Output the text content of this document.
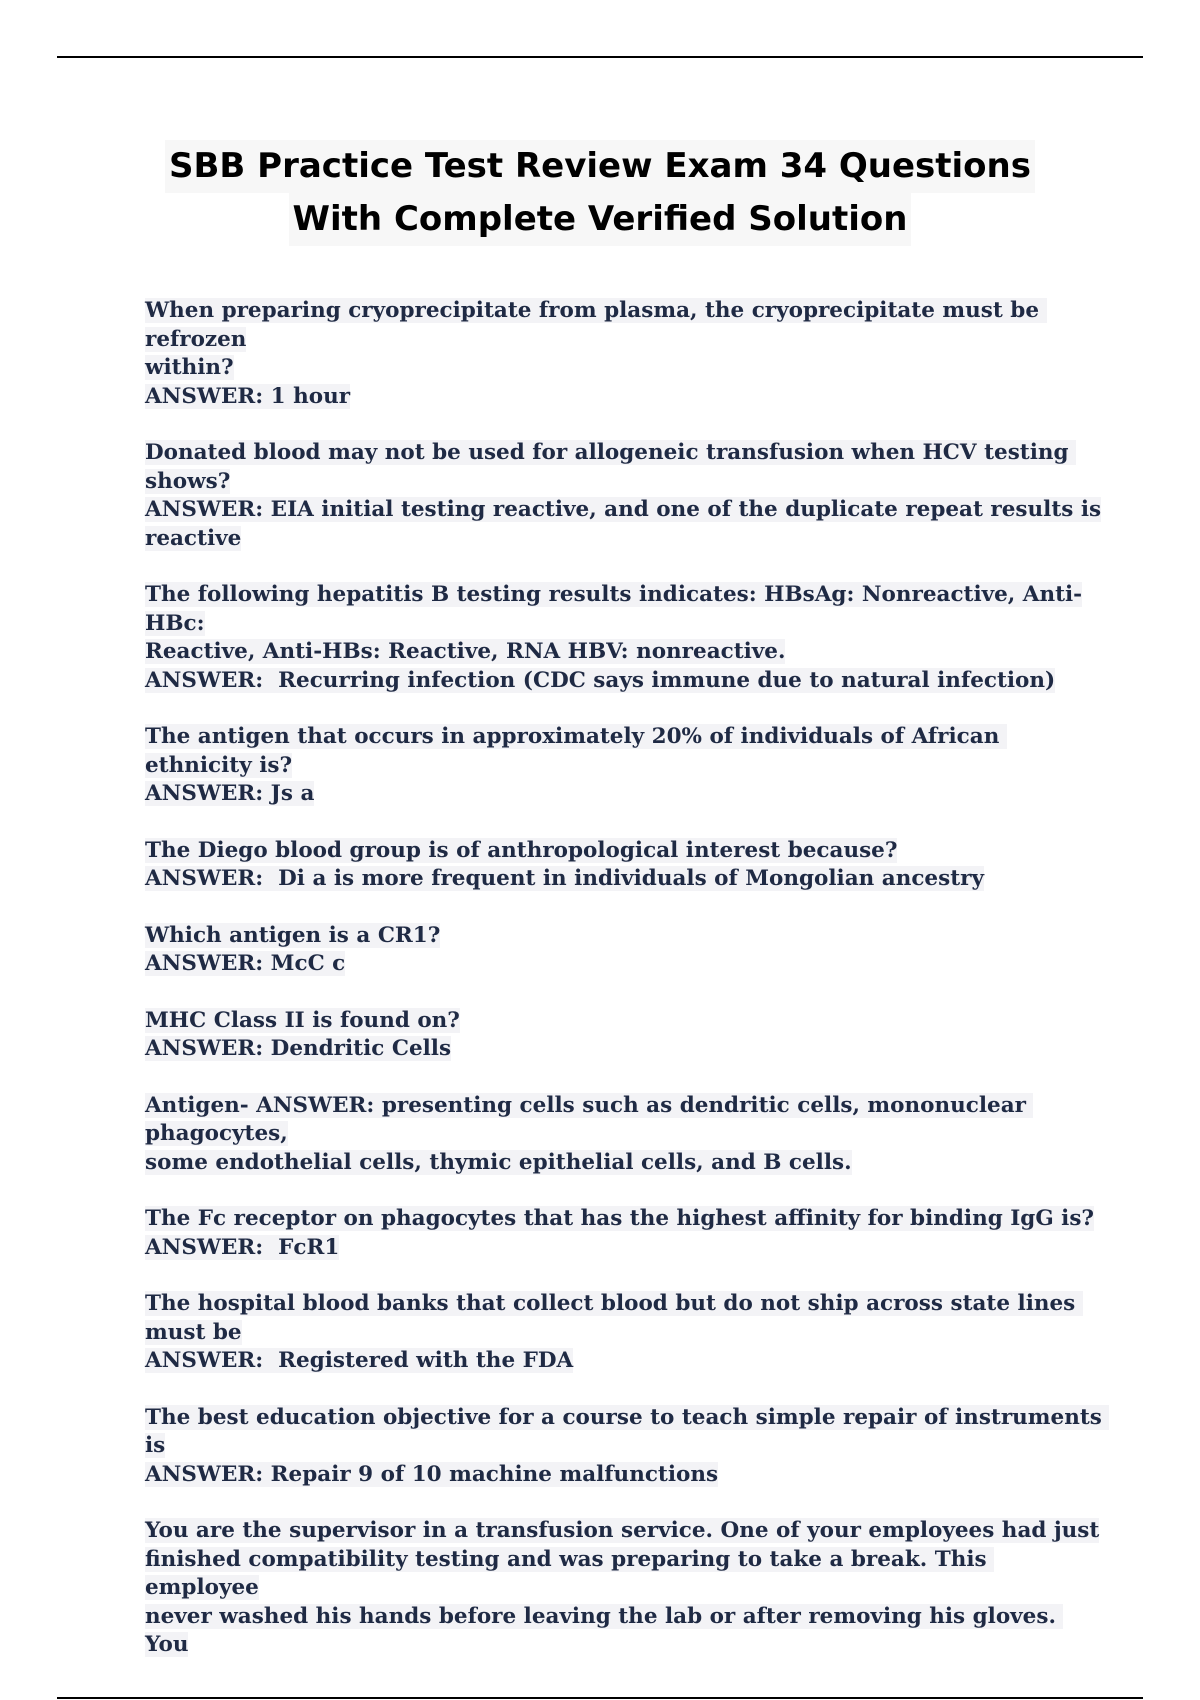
SBB Practice Test Review Exam 34 Questions
With Complete Verified Solution

When preparing cryoprecipitate from plasma, the cryoprecipitate must be refrozen

within?

ANSWER: 1 hour

Donated blood may not be used for allogeneic transfusion when HCV testing shows?

ANSWER: EIA initial testing reactive, and one of the duplicate repeat results is

reactive

The following hepatitis B testing results indicates: HBsAg: Nonreactive, Anti-HBc:

Reactive, Anti-HBs: Reactive, RNA HBV: nonreactive.

ANSWER:  Recurring infection (CDC says immune due to natural infection)

The antigen that occurs in approximately 20% of individuals of African ethnicity is?

ANSWER: Js a

The Diego blood group is of anthropological interest because?

ANSWER:  Di a is more frequent in individuals of Mongolian ancestry

Which antigen is a CR1?

ANSWER: McC c

MHC Class II is found on?

ANSWER: Dendritic Cells

Antigen- ANSWER: presenting cells such as dendritic cells, mononuclear phagocytes,

some endothelial cells, thymic epithelial cells, and B cells.

The Fc receptor on phagocytes that has the highest affinity for binding IgG is?

ANSWER:  FcR1

The hospital blood banks that collect blood but do not ship across state lines must be

ANSWER:  Registered with the FDA

The best education objective for a course to teach simple repair of instruments is

ANSWER: Repair 9 of 10 machine malfunctions

You are the supervisor in a transfusion service. One of your employees had just

finished compatibility testing and was preparing to take a break. This employee

never washed his hands before leaving the lab or after removing his gloves. You
